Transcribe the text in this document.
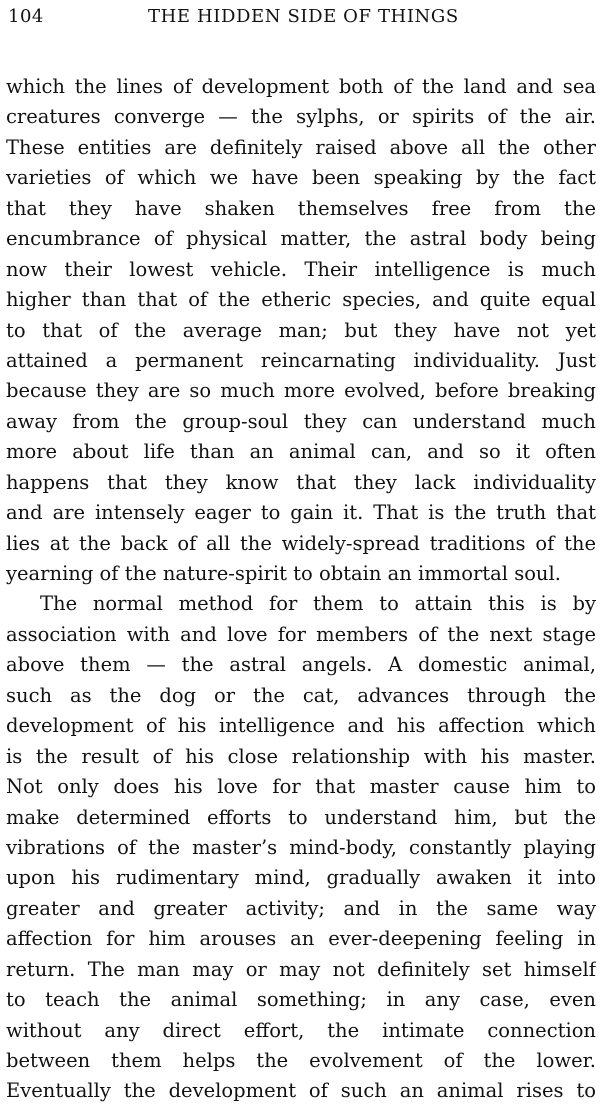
104	THE HIDDEN SIDE OF THINGS
which the lines of development both of the land and sea
creatures converge — the sylphs, or spirits of the air.
These entities are definitely raised above all the other
varieties of which we have been speaking by the fact
that they have shaken themselves free from the
encumbrance of physical matter, the astral body being
now their lowest vehicle. Their intelligence is much
higher than that of the etheric species, and quite equal
to that of the average man; but they have not yet
attained a permanent reincarnating individuality. Just
because they are so much more evolved, before breaking
away from the group-soul they can understand much
more about life than an animal can, and so it often
happens that they know that they lack individuality
and are intensely eager to gain it. That is the truth that
lies at the back of all the widely-spread traditions of the
yearning of the nature-spirit to obtain an immortal soul.
The normal method for them to attain this is by
association with and love for members of the next stage
above them — the astral angels. A domestic animal,
such as the dog or the cat, advances through the
development of his intelligence and his affection which
is the result of his close relationship with his master.
Not only does his love for that master cause him to
make determined efforts to understand him, but the
vibrations of the master’s mind-body, constantly playing
upon his rudimentary mind, gradually awaken it into
greater and greater activity; and in the same way
affection for him arouses an ever-deepening feeling in
return. The man may or may not definitely set himself
to teach the animal something; in any case, even
without any direct effort, the intimate connection
between them helps the evolvement of the lower.
Eventually the development of such an animal rises to
